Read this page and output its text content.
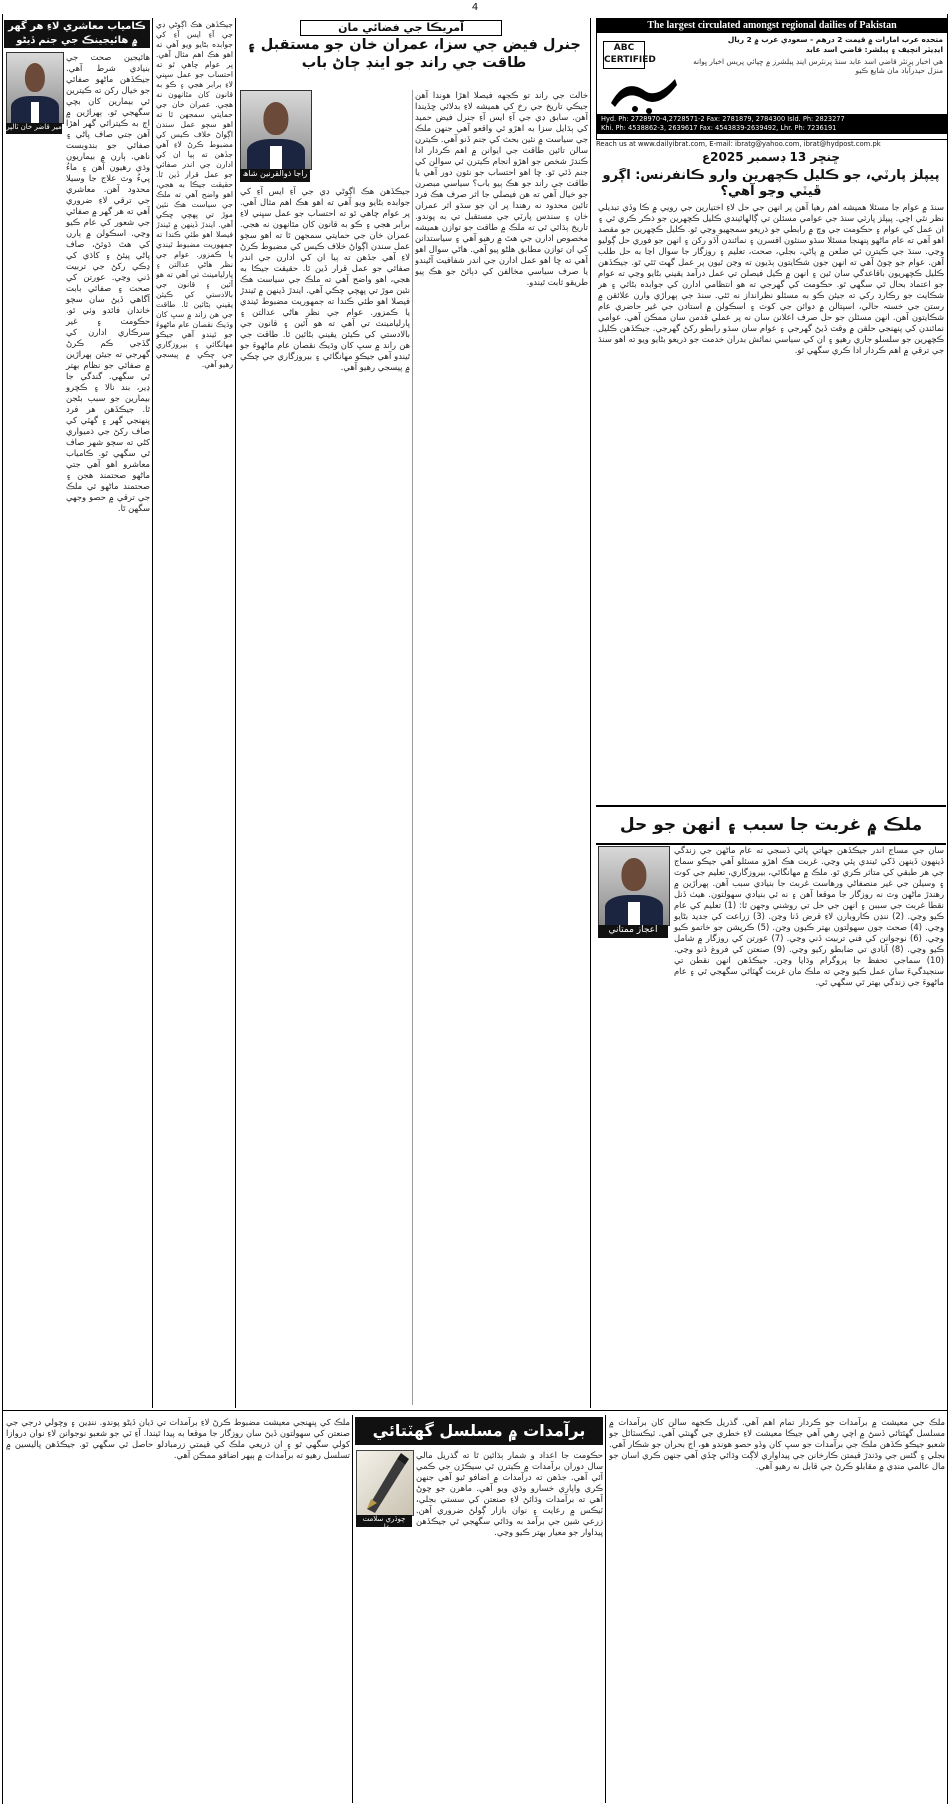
4
The largest circulated amongst regional dailies of Pakistan
ABC CERTIFIED
متحده عرب امارات ۾ قيمت 2 درهم - سعودي عرب ۾ 2 ريال
ايڊيٽر انچيف ۽ پبلشر: قاضي اسد عابد
هي اخبار پرنٽر قاضي اسد عابد سنڌ پرنٽرس اينڊ پبلشرز ۾ ڇپائي پريس اخبار ڀوانه منزل حيدرآباد مان شايع ڪيو
Hyd. Ph: 2728970-4,2728571-2 Fax: 2781879, 2784300 Isld. Ph: 2823277
Khi. Ph: 4538862-3, 2639617 Fax: 4543839-2639492, Lhr. Ph: 7236191
Reach us at www.dailyibrat.com, E-mail: ibratg@yahoo.com, ibrat@hydpost.com.pk
ڇنڇر 13 ڊسمبر 2025ع
پيپلز پارٽي، جو ڪليل ڪچهرين وارو ڪانفرنس: اڳرو ڦيٽي وڃو آهي؟

سنڌ ۾ عوام جا مسئلا هميشه اهم رهيا آهن پر انهن جي حل لاءِ اختيارين جي رويي ۾ ڪا وڏي تبديلي نظر نٿي اچي. پيپلز پارٽي سنڌ جي عوامي مسئلن تي ڳالهائيندي ڪليل ڪچهرين جو ذڪر ڪري ٿي ۽ ان عمل کي عوام ۽ حڪومت جي وچ ۾ رابطي جو ذريعو سمجهيو وڃي ٿو. ڪليل ڪچهرين جو مقصد اهو آهي ته عام ماڻهو پنهنجا مسئلا سڌو سنئون افسرن ۽ نمائندن آڏو رکن ۽ انهن جو فوري حل ڳوليو وڃي. سنڌ جي ڪيترن ئي ضلعن ۾ پاڻي، بجلي، صحت، تعليم ۽ روزگار جا سوال اڃا به حل طلب آهن. عوام جو چوڻ آهي ته انهن جون شڪايتون ٻڌيون ته وڃن ٿيون پر عمل گهٽ ٿئي ٿو. جيڪڏهن ڪليل ڪچهريون باقاعدگي سان ٿين ۽ انهن ۾ ڪيل فيصلن تي عمل درآمد يقيني بڻايو وڃي ته عوام جو اعتماد بحال ٿي سگهي ٿو. حڪومت کي گهرجي ته هو انتظامي ادارن کي جوابده بڻائي ۽ هر شڪايت جو رڪارڊ رکي ته جيئن ڪو به مسئلو نظرانداز نه ٿئي. سنڌ جي ٻهراڙي وارن علائقن ۾ رستن جي خستہ حالي، اسپتالن ۾ دوائن جي کوٽ ۽ اسڪولن ۾ استادن جي غير حاضري عام شڪايتون آهن. انهن مسئلن جو حل صرف اعلانن سان نه پر عملي قدمن سان ممڪن آهي. عوامي نمائندن کي پنهنجي حلقن ۾ وقت ڏيڻ گهرجي ۽ عوام سان سڌو رابطو رکڻ گهرجي. جيڪڏهن ڪليل ڪچهرين جو سلسلو جاري رهيو ۽ ان کي سياسي نمائش بدران خدمت جو ذريعو بڻايو ويو ته اهو سنڌ جي ترقي ۾ اهم ڪردار ادا ڪري سگهي ٿو.

ملڪ ۾ غربت جا سبب ۽ انهن جو حل
اعجاز ممتاني

سان جي مساج اندر جيڪڏهن جهاتي پائي ڏسجي ته عام ماڻهن جي زندگي ڏينهون ڏينهن ڏکي ٿيندي پئي وڃي. غربت هڪ اهڙو مسئلو آهي جيڪو سماج جي هر طبقي کي متاثر ڪري ٿو. ملڪ ۾ مهانگائي، بيروزگاري، تعليم جي کوٽ ۽ وسيلن جي غير منصفاڻي ورهاست غربت جا بنيادي سبب آهن. ٻهراڙين ۾ رهندڙ ماڻهن وٽ نه روزگار جا موقعا آهن ۽ نه ئي بنيادي سهولتون. هيٺ ڏنل نقطا غربت جي سببن ۽ انهن جي حل تي روشني وجهن ٿا: (1) تعليم کي عام ڪيو وڃي. (2) ننڍن ڪاروبارن لاءِ قرض ڏنا وڃن. (3) زراعت کي جديد بڻايو وڃي. (4) صحت جون سهولتون بهتر ڪيون وڃن. (5) ڪرپشن جو خاتمو ڪيو وڃي. (6) نوجوانن کي فني تربيت ڏني وڃي. (7) عورتن کي روزگار ۾ شامل ڪيو وڃي. (8) آبادي تي ضابطو رکيو وڃي. (9) صنعتن کي فروغ ڏنو وڃي. (10) سماجي تحفظ جا پروگرام وڌايا وڃن. جيڪڏهن انهن نقطن تي سنجيدگيءَ سان عمل ڪيو وڃي ته ملڪ مان غربت گهٽائي سگهجي ٿي ۽ عام ماڻهوءَ جي زندگي بهتر ٿي سگهي ٿي.

آمريڪا جي فضائي مان
جنرل فيض جي سزا، عمران خان جو مستقبل ۽ طاقت جي راند جو اينڊ ڄاڻ باب
راجا ذوالقرنين شاھ

خالت جي راند تو ڪجهه فيصلا اهڙا هوندا آهن جيڪي تاريخ جي رخ کي هميشه لاءِ بدلائي ڇڏيندا آهن. سابق ڊي جي آءِ ايس آءِ جنرل فيض حميد کي ٻڌايل سزا به اهڙو ئي واقعو آهي جنهن ملڪ جي سياست ۾ نئين بحث کي جنم ڏنو آهي. ڪيترن سالن تائين طاقت جي ايوانن ۾ اهم ڪردار ادا ڪندڙ شخص جو اهڙو انجام ڪيترن ئي سوالن کي جنم ڏئي ٿو. ڇا اهو احتساب جو نئون دور آهي يا طاقت جي راند جو هڪ ٻيو باب؟ سياسي مبصرن جو خيال آهي ته هن فيصلي جا اثر صرف هڪ فرد تائين محدود نه رهندا پر ان جو سڌو اثر عمران خان ۽ سندس پارٽي جي مستقبل تي به پوندو. تاريخ ٻڌائي ٿي ته ملڪ ۾ طاقت جو توازن هميشه مخصوص ادارن جي هٿ ۾ رهيو آهي ۽ سياستدانن کي ان توازن مطابق هلڻو پيو آهي. هاڻي سوال اهو آهي ته ڇا اهو عمل ادارن جي اندر شفافيت آڻيندو يا صرف سياسي مخالفن کي دٻائڻ جو هڪ ٻيو طريقو ثابت ٿيندو.

جيڪڏهن هڪ اڳوڻي ڊي جي آءِ ايس آءِ کي جوابده بڻايو ويو آهي ته اهو هڪ اهم مثال آهي. پر عوام چاهي ٿو ته احتساب جو عمل سڀني لاءِ برابر هجي ۽ ڪو به قانون کان مٿانهون نه هجي. عمران خان جي حمايتي سمجهن ٿا ته اهو سڄو عمل سندن اڳواڻ خلاف ڪيس کي مضبوط ڪرڻ لاءِ آهي جڏهن ته ٻيا ان کي ادارن جي اندر صفائي جو عمل قرار ڏين ٿا. حقيقت جيڪا به هجي، اهو واضح آهي ته ملڪ جي سياست هڪ نئين موڙ تي پهچي چڪي آهي. ايندڙ ڏينهن ۾ ٿيندڙ فيصلا اهو طئي ڪندا ته جمهوريت مضبوط ٿيندي يا ڪمزور. عوام جي نظر هاڻي عدالتن ۽ پارليامينٽ تي آهي ته هو آئين ۽ قانون جي بالادستي کي ڪيئن يقيني بڻائين ٿا. طاقت جي هن راند ۾ سڀ کان وڌيڪ نقصان عام ماڻهوءَ جو ٿيندو آهي جيڪو مهانگائي ۽ بيروزگاري جي چڪي ۾ پيسجي رهيو آهي.

جيڪڏهن هڪ اڳوڻي ڊي جي آءِ ايس آءِ کي جوابده بڻايو ويو آهي ته اهو هڪ اهم مثال آهي. پر عوام چاهي ٿو ته احتساب جو عمل سڀني لاءِ برابر هجي ۽ ڪو به قانون کان مٿانهون نه هجي. عمران خان جي حمايتي سمجهن ٿا ته اهو سڄو عمل سندن اڳواڻ خلاف ڪيس کي مضبوط ڪرڻ لاءِ آهي جڏهن ته ٻيا ان کي ادارن جي اندر صفائي جو عمل قرار ڏين ٿا. حقيقت جيڪا به هجي، اهو واضح آهي ته ملڪ جي سياست هڪ نئين موڙ تي پهچي چڪي آهي. ايندڙ ڏينهن ۾ ٿيندڙ فيصلا اهو طئي ڪندا ته جمهوريت مضبوط ٿيندي يا ڪمزور. عوام جي نظر هاڻي عدالتن ۽ پارليامينٽ تي آهي ته هو آئين ۽ قانون جي بالادستي کي ڪيئن يقيني بڻائين ٿا. طاقت جي هن راند ۾ سڀ کان وڌيڪ نقصان عام ماڻهوءَ جو ٿيندو آهي جيڪو مهانگائي ۽ بيروزگاري جي چڪي ۾ پيسجي رهيو آهي.

ڪامياب معاشري لاءِ هر گهر ۾ هائيجينڪ جي جنم ڏيڻو
مير قاضر خان ٽالپر

هائيجين صحت جي بنيادي شرط آهي. جيڪڏهن ماڻهو صفائي جو خيال رکن ته ڪيترين ئي بيمارين کان بچي سگهجي ٿو. ٻهراڙين ۾ اڄ به ڪيترائي گهر اهڙا آهن جتي صاف پاڻي ۽ صفائي جو بندوبست ناهي. ٻارن ۾ بيماريون وڌي رهيون آهن ۽ ماءُ پيءُ وٽ علاج جا وسيلا محدود آهن. معاشري جي ترقي لاءِ ضروري آهي ته هر گهر ۾ صفائي جي شعور کي عام ڪيو وڃي. اسڪولن ۾ ٻارن کي هٿ ڌوئڻ، صاف پاڻي پيئڻ ۽ کاڌي کي ڍڪي رکڻ جي تربيت ڏني وڃي. عورتن کي صحت ۽ صفائي بابت آگاهي ڏيڻ سان سڄو خاندان فائدو وٺي ٿو. حڪومت ۽ غير سرڪاري ادارن کي گڏجي ڪم ڪرڻ گهرجي ته جيئن ٻهراڙين ۾ صفائي جو نظام بهتر ٿي سگهي. گندگي جا ڍير، بند نالا ۽ ڪچرو بيمارين جو سبب بڻجن ٿا. جيڪڏهن هر فرد پنهنجي گهر ۽ گهٽي کي صاف رکڻ جي ذميواري کڻي ته سڄو شهر صاف ٿي سگهي ٿو. ڪامياب معاشرو اهو آهي جتي ماڻهو صحتمند هجن ۽ صحتمند ماڻهو ئي ملڪ جي ترقي ۾ حصو وجهي سگهن ٿا.

برآمدات ۾ مسلسل گهٽتائي
چوڌري سلامت علي

ملڪ جي معيشت ۾ برآمدات جو ڪردار تمام اهم آهي. گذريل ڪجهه سالن کان برآمدات ۾ مسلسل گهٽتائي ڏسڻ ۾ اچي رهي آهي جيڪا معيشت لاءِ خطري جي گهنٽي آهي. ٽيڪسٽائل جو شعبو جيڪو ڪڏهن ملڪ جي برآمدات جو سڀ کان وڏو حصو هوندو هو، اڄ بحران جو شڪار آهي. بجلي ۽ گئس جي وڌندڙ قيمتن ڪارخانن جي پيداواري لاڳت وڌائي ڇڏي آهي جنهن ڪري اسان جو مال عالمي منڊي ۾ مقابلو ڪرڻ جي قابل نه رهيو آهي.

حڪومت جا اعداد و شمار ٻڌائين ٿا ته گذريل مالي سال دوران برآمدات ۾ ڪيترن ئي سيڪڙن جي ڪمي آئي آهي. جڏهن ته درآمدات ۾ اضافو ٿيو آهي جنهن ڪري واپاري خسارو وڌي ويو آهي. ماهرن جو چوڻ آهي ته برآمدات وڌائڻ لاءِ صنعتن کي سستي بجلي، ٽيڪس ۾ رعايت ۽ نوان بازار ڳولڻ ضروري آهن. زرعي شين جي برآمد به وڌائي سگهجي ٿي جيڪڏهن پيداوار جو معيار بهتر ڪيو وڃي.

ملڪ کي پنهنجي معيشت مضبوط ڪرڻ لاءِ برآمدات تي ڌيان ڏيڻو پوندو. ننڍين ۽ وچولي درجي جي صنعتن کي سهولتون ڏيڻ سان روزگار جا موقعا به پيدا ٿيندا. آءِ ٽي جو شعبو نوجوانن لاءِ نوان دروازا کولي سگهي ٿو ۽ ان ذريعي ملڪ کي قيمتي زرمبادلو حاصل ٿي سگهي ٿو. جيڪڏهن پاليسين ۾ تسلسل رهيو ته برآمدات ۾ ٻيهر اضافو ممڪن آهي.
